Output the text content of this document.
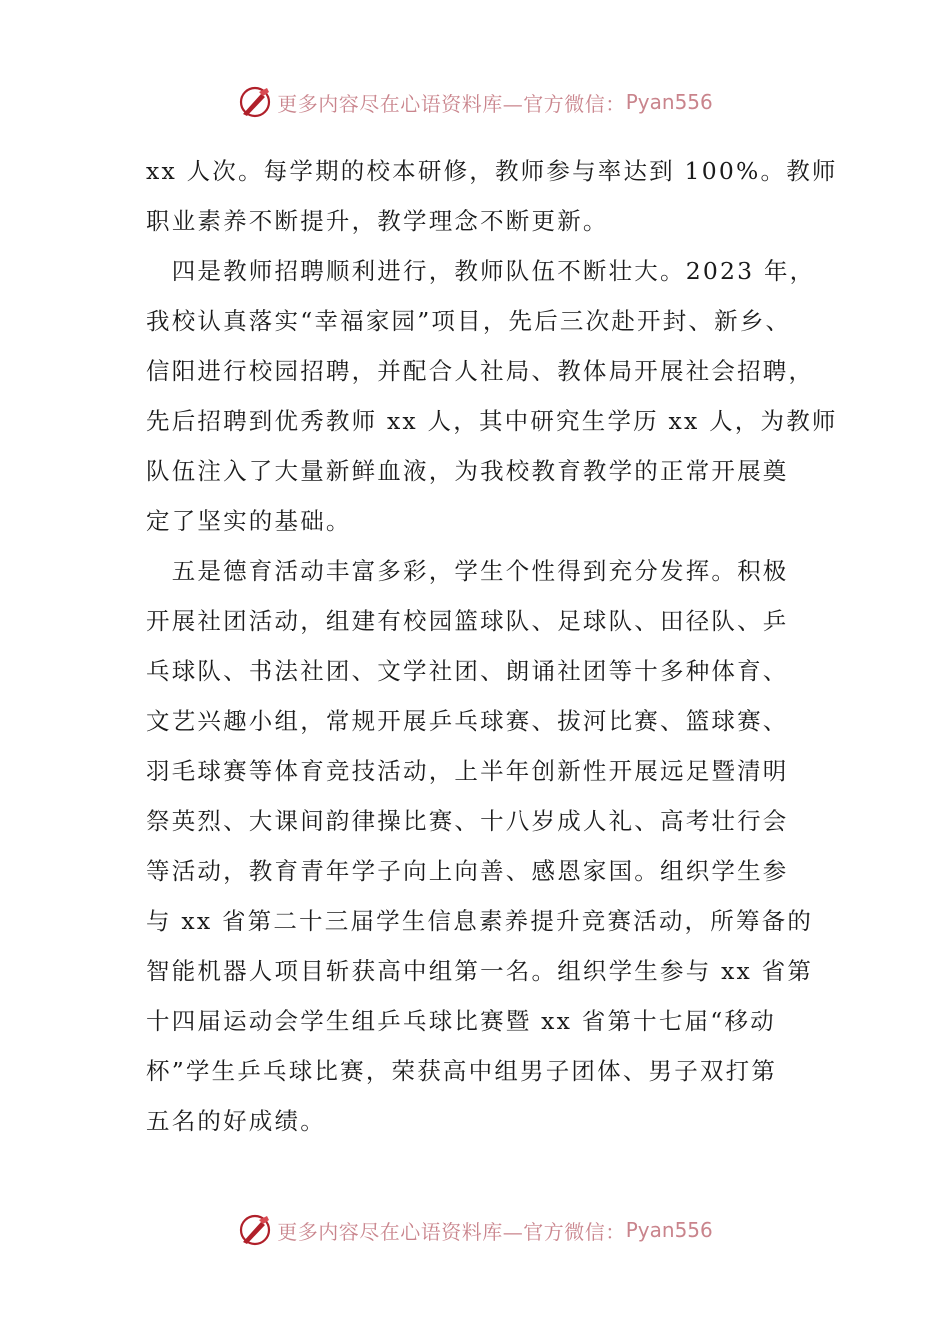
更多内容尽在心语资料库—官方微信： Pyan556
xx 人次。每学期的校本研修，教师参与率达到 100%。教师
职业素养不断提升，教学理念不断更新。
　四是教师招聘顺利进行，教师队伍不断壮大。2023 年，
我校认真落实“幸福家园”项目，先后三次赴开封、新乡、
信阳进行校园招聘，并配合人社局、教体局开展社会招聘，
先后招聘到优秀教师 xx 人，其中研究生学历 xx 人，为教师
队伍注入了大量新鲜血液，为我校教育教学的正常开展奠
定了坚实的基础。
　五是德育活动丰富多彩，学生个性得到充分发挥。积极
开展社团活动，组建有校园篮球队、足球队、田径队、乒
乓球队、书法社团、文学社团、朗诵社团等十多种体育、
文艺兴趣小组，常规开展乒乓球赛、拔河比赛、篮球赛、
羽毛球赛等体育竞技活动，上半年创新性开展远足暨清明
祭英烈、大课间韵律操比赛、十八岁成人礼、高考壮行会
等活动，教育青年学子向上向善、感恩家国。组织学生参
与 xx 省第二十三届学生信息素养提升竞赛活动，所筹备的
智能机器人项目斩获高中组第一名。组织学生参与 xx 省第
十四届运动会学生组乒乓球比赛暨 xx 省第十七届“移动
杯”学生乒乓球比赛，荣获高中组男子团体、男子双打第
五名的好成绩。
更多内容尽在心语资料库—官方微信： Pyan556
